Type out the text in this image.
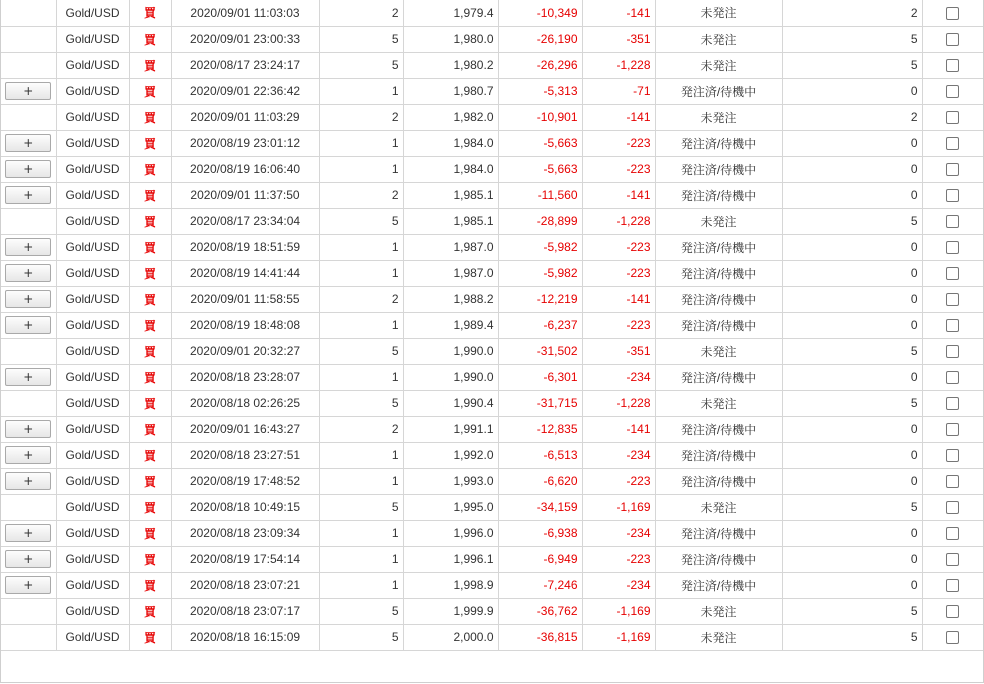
	Gold/USD	買	2020/09/01 11:03:03	2	1,979.4	-10,349	-141	未発注	2	
	Gold/USD	買	2020/09/01 23:00:33	5	1,980.0	-26,190	-351	未発注	5	
	Gold/USD	買	2020/08/17 23:24:17	5	1,980.2	-26,296	-1,228	未発注	5	
+	Gold/USD	買	2020/09/01 22:36:42	1	1,980.7	-5,313	-71	発注済/待機中	0	
	Gold/USD	買	2020/09/01 11:03:29	2	1,982.0	-10,901	-141	未発注	2	
+	Gold/USD	買	2020/08/19 23:01:12	1	1,984.0	-5,663	-223	発注済/待機中	0	
+	Gold/USD	買	2020/08/19 16:06:40	1	1,984.0	-5,663	-223	発注済/待機中	0	
+	Gold/USD	買	2020/09/01 11:37:50	2	1,985.1	-11,560	-141	発注済/待機中	0	
	Gold/USD	買	2020/08/17 23:34:04	5	1,985.1	-28,899	-1,228	未発注	5	
+	Gold/USD	買	2020/08/19 18:51:59	1	1,987.0	-5,982	-223	発注済/待機中	0	
+	Gold/USD	買	2020/08/19 14:41:44	1	1,987.0	-5,982	-223	発注済/待機中	0	
+	Gold/USD	買	2020/09/01 11:58:55	2	1,988.2	-12,219	-141	発注済/待機中	0	
+	Gold/USD	買	2020/08/19 18:48:08	1	1,989.4	-6,237	-223	発注済/待機中	0	
	Gold/USD	買	2020/09/01 20:32:27	5	1,990.0	-31,502	-351	未発注	5	
+	Gold/USD	買	2020/08/18 23:28:07	1	1,990.0	-6,301	-234	発注済/待機中	0	
	Gold/USD	買	2020/08/18 02:26:25	5	1,990.4	-31,715	-1,228	未発注	5	
+	Gold/USD	買	2020/09/01 16:43:27	2	1,991.1	-12,835	-141	発注済/待機中	0	
+	Gold/USD	買	2020/08/18 23:27:51	1	1,992.0	-6,513	-234	発注済/待機中	0	
+	Gold/USD	買	2020/08/19 17:48:52	1	1,993.0	-6,620	-223	発注済/待機中	0	
	Gold/USD	買	2020/08/18 10:49:15	5	1,995.0	-34,159	-1,169	未発注	5	
+	Gold/USD	買	2020/08/18 23:09:34	1	1,996.0	-6,938	-234	発注済/待機中	0	
+	Gold/USD	買	2020/08/19 17:54:14	1	1,996.1	-6,949	-223	発注済/待機中	0	
+	Gold/USD	買	2020/08/18 23:07:21	1	1,998.9	-7,246	-234	発注済/待機中	0	
	Gold/USD	買	2020/08/18 23:07:17	5	1,999.9	-36,762	-1,169	未発注	5	
	Gold/USD	買	2020/08/18 16:15:09	5	2,000.0	-36,815	-1,169	未発注	5	
